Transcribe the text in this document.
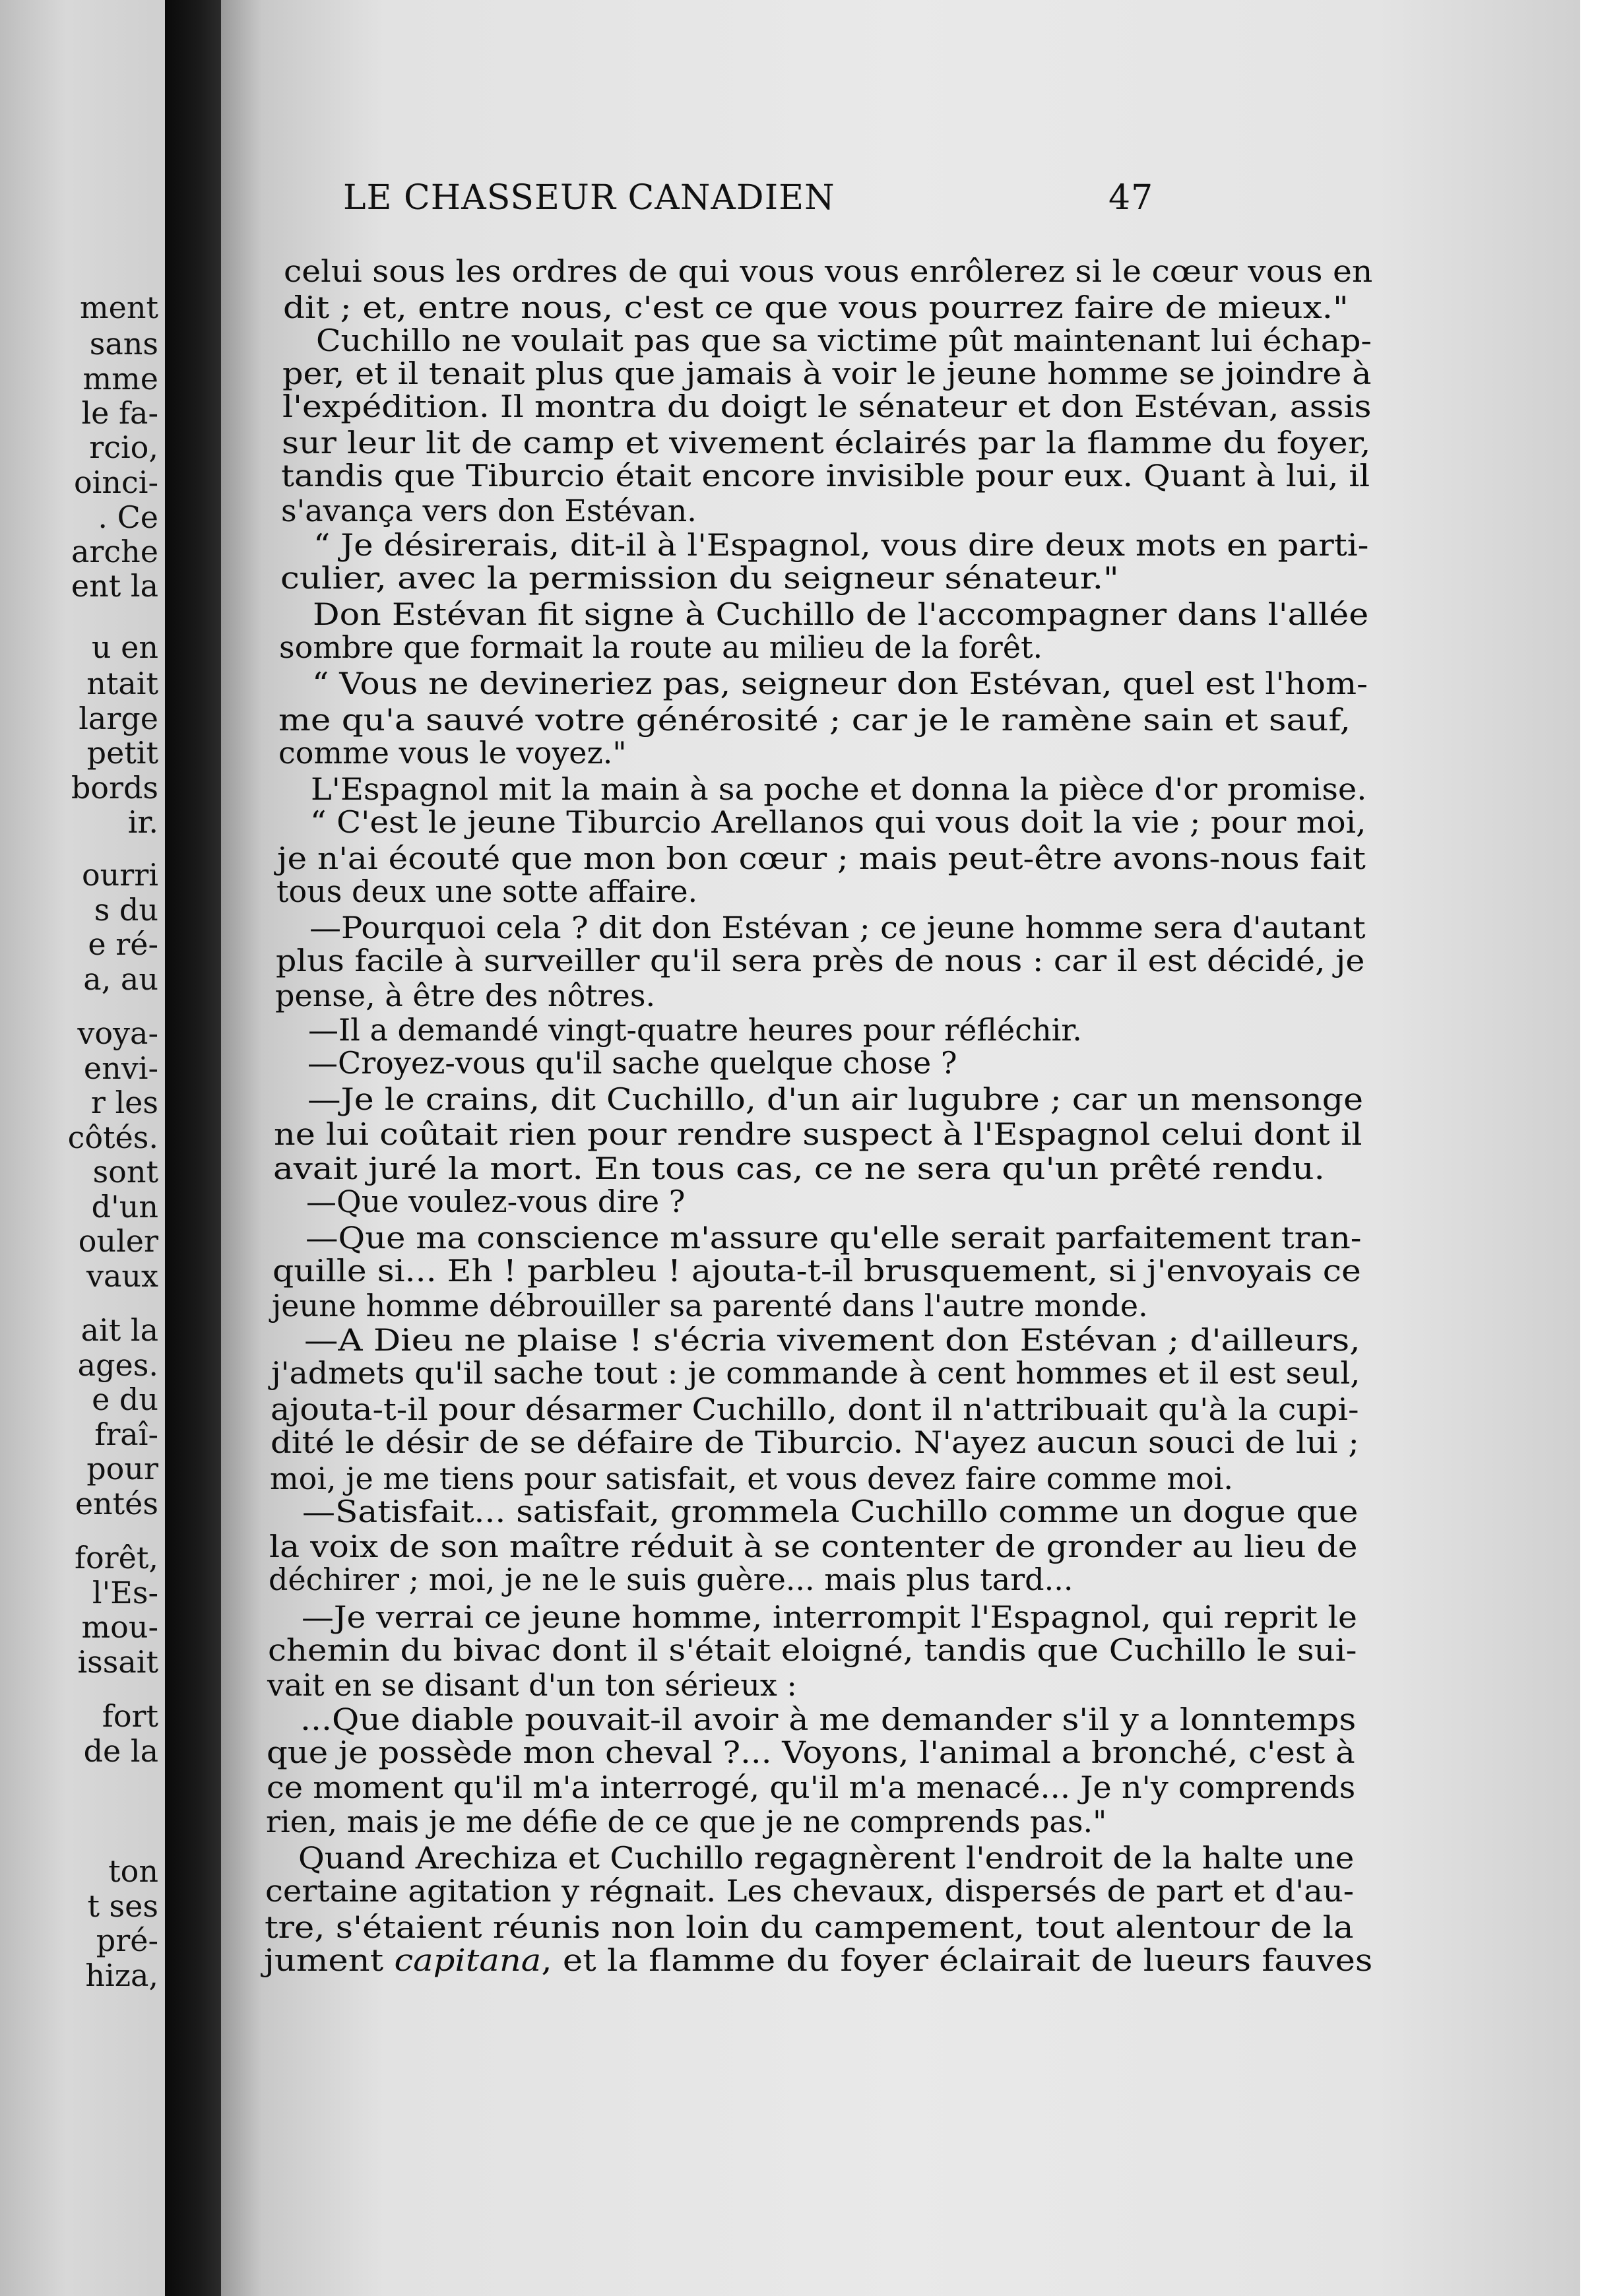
ment
sans
mme
le fa-
rcio,
oinci-
. Ce
arche
ent la
u en
ntait
large
petit
bords
ir.
ourri
s du
e ré-
a, au
voya-
envi-
r les
côtés.
sont
d'un
ouler
vaux
ait la
ages.
e du
fraî-
pour
entés
forêt,
l'Es-
mou-
issait
fort
de la
ton
t ses
pré-
hiza,
LE CHASSEUR CANADIEN	47
celui sous les ordres de qui vous vous enrôlerez si le cœur vous en
dit ; et, entre nous, c'est ce que vous pourrez faire de mieux."
Cuchillo ne voulait pas que sa victime pût maintenant lui échap-
per, et il tenait plus que jamais à voir le jeune homme se joindre à
l'expédition. Il montra du doigt le sénateur et don Estévan, assis
sur leur lit de camp et vivement éclairés par la flamme du foyer,
tandis que Tiburcio était encore invisible pour eux. Quant à lui, il
s'avança vers don Estévan.
“ Je désirerais, dit-il à l'Espagnol, vous dire deux mots en parti-
culier, avec la permission du seigneur sénateur."
Don Estévan fit signe à Cuchillo de l'accompagner dans l'allée
sombre que formait la route au milieu de la forêt.
“ Vous ne devineriez pas, seigneur don Estévan, quel est l'hom-
me qu'a sauvé votre générosité ; car je le ramène sain et sauf,
comme vous le voyez."
L'Espagnol mit la main à sa poche et donna la pièce d'or promise.
“ C'est le jeune Tiburcio Arellanos qui vous doit la vie ; pour moi,
je n'ai écouté que mon bon cœur ; mais peut-être avons-nous fait
tous deux une sotte affaire.
—Pourquoi cela ? dit don Estévan ; ce jeune homme sera d'autant
plus facile à surveiller qu'il sera près de nous : car il est décidé, je
pense, à être des nôtres.
—Il a demandé vingt-quatre heures pour réfléchir.
—Croyez-vous qu'il sache quelque chose ?
—Je le crains, dit Cuchillo, d'un air lugubre ; car un mensonge
ne lui coûtait rien pour rendre suspect à l'Espagnol celui dont il
avait juré la mort. En tous cas, ce ne sera qu'un prêté rendu.
—Que voulez-vous dire ?
—Que ma conscience m'assure qu'elle serait parfaitement tran-
quille si... Eh ! parbleu ! ajouta-t-il brusquement, si j'envoyais ce
jeune homme débrouiller sa parenté dans l'autre monde.
—A Dieu ne plaise ! s'écria vivement don Estévan ; d'ailleurs,
j'admets qu'il sache tout : je commande à cent hommes et il est seul,
ajouta-t-il pour désarmer Cuchillo, dont il n'attribuait qu'à la cupi-
dité le désir de se défaire de Tiburcio. N'ayez aucun souci de lui ;
moi, je me tiens pour satisfait, et vous devez faire comme moi.
—Satisfait... satisfait, grommela Cuchillo comme un dogue que
la voix de son maître réduit à se contenter de gronder au lieu de
déchirer ; moi, je ne le suis guère... mais plus tard...
—Je verrai ce jeune homme, interrompit l'Espagnol, qui reprit le
chemin du bivac dont il s'était eloigné, tandis que Cuchillo le sui-
vait en se disant d'un ton sérieux :
...Que diable pouvait-il avoir à me demander s'il y a lonntemps
que je possède mon cheval ?... Voyons, l'animal a bronché, c'est à
ce moment qu'il m'a interrogé, qu'il m'a menacé... Je n'y comprends
rien, mais je me défie de ce que je ne comprends pas."
Quand Arechiza et Cuchillo regagnèrent l'endroit de la halte une
certaine agitation y régnait. Les chevaux, dispersés de part et d'au-
tre, s'étaient réunis non loin du campement, tout alentour de la
jument capitana, et la flamme du foyer éclairait de lueurs fauves
